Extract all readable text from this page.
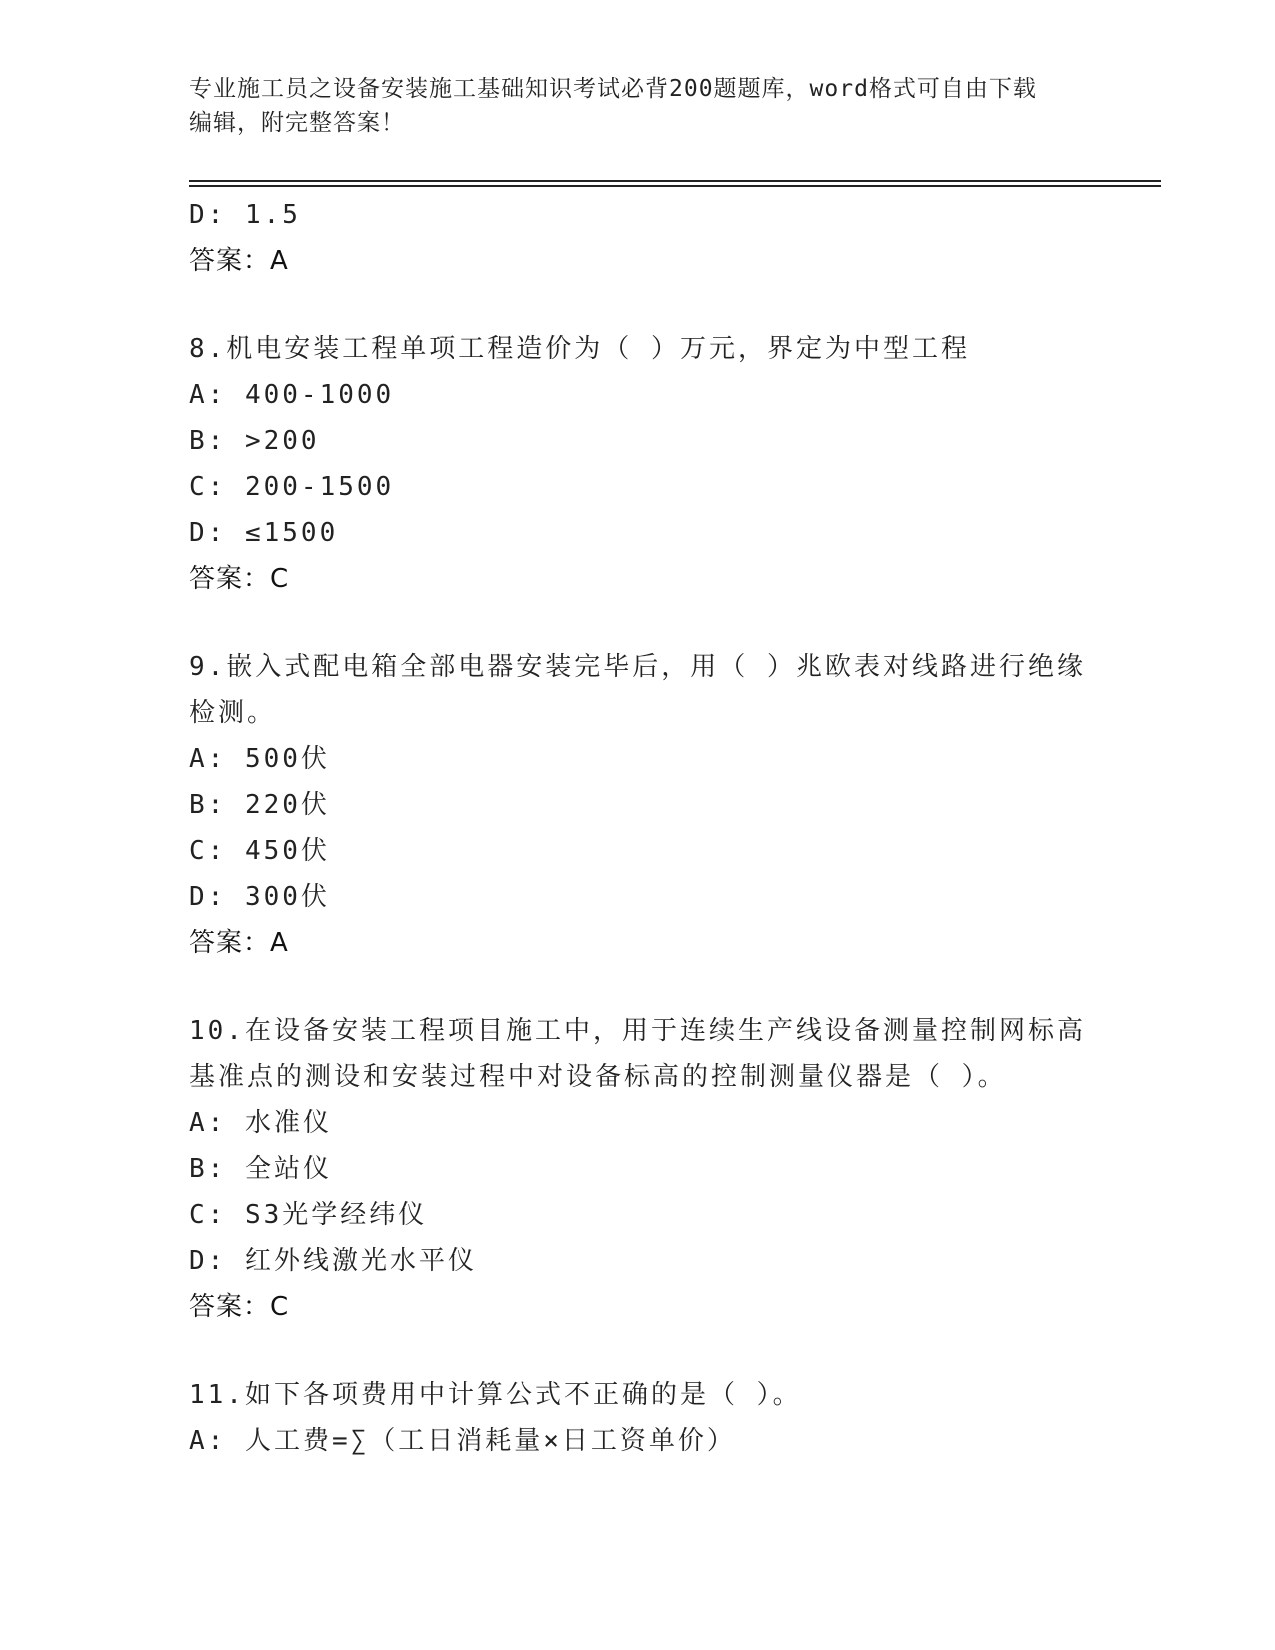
专业施工员之设备安装施工基础知识考试必背200题题库，word格式可自由下载
编辑，附完整答案！
D: 1.5
答案：A
8.机电安装工程单项工程造价为（ ）万元，界定为中型工程
A: 400-1000
B: >200
C: 200-1500
D: ≤1500
答案：C
9.嵌入式配电箱全部电器安装完毕后，用（ ）兆欧表对线路进行绝缘
检测。
A: 500伏
B: 220伏
C: 450伏
D: 300伏
答案：A
10.在设备安装工程项目施工中，用于连续生产线设备测量控制网标高
基准点的测设和安装过程中对设备标高的控制测量仪器是（ ）。
A: 水准仪
B: 全站仪
C: S3光学经纬仪
D: 红外线激光水平仪
答案：C
11.如下各项费用中计算公式不正确的是（ ）。
A: 人工费=∑（工日消耗量×日工资单价）
